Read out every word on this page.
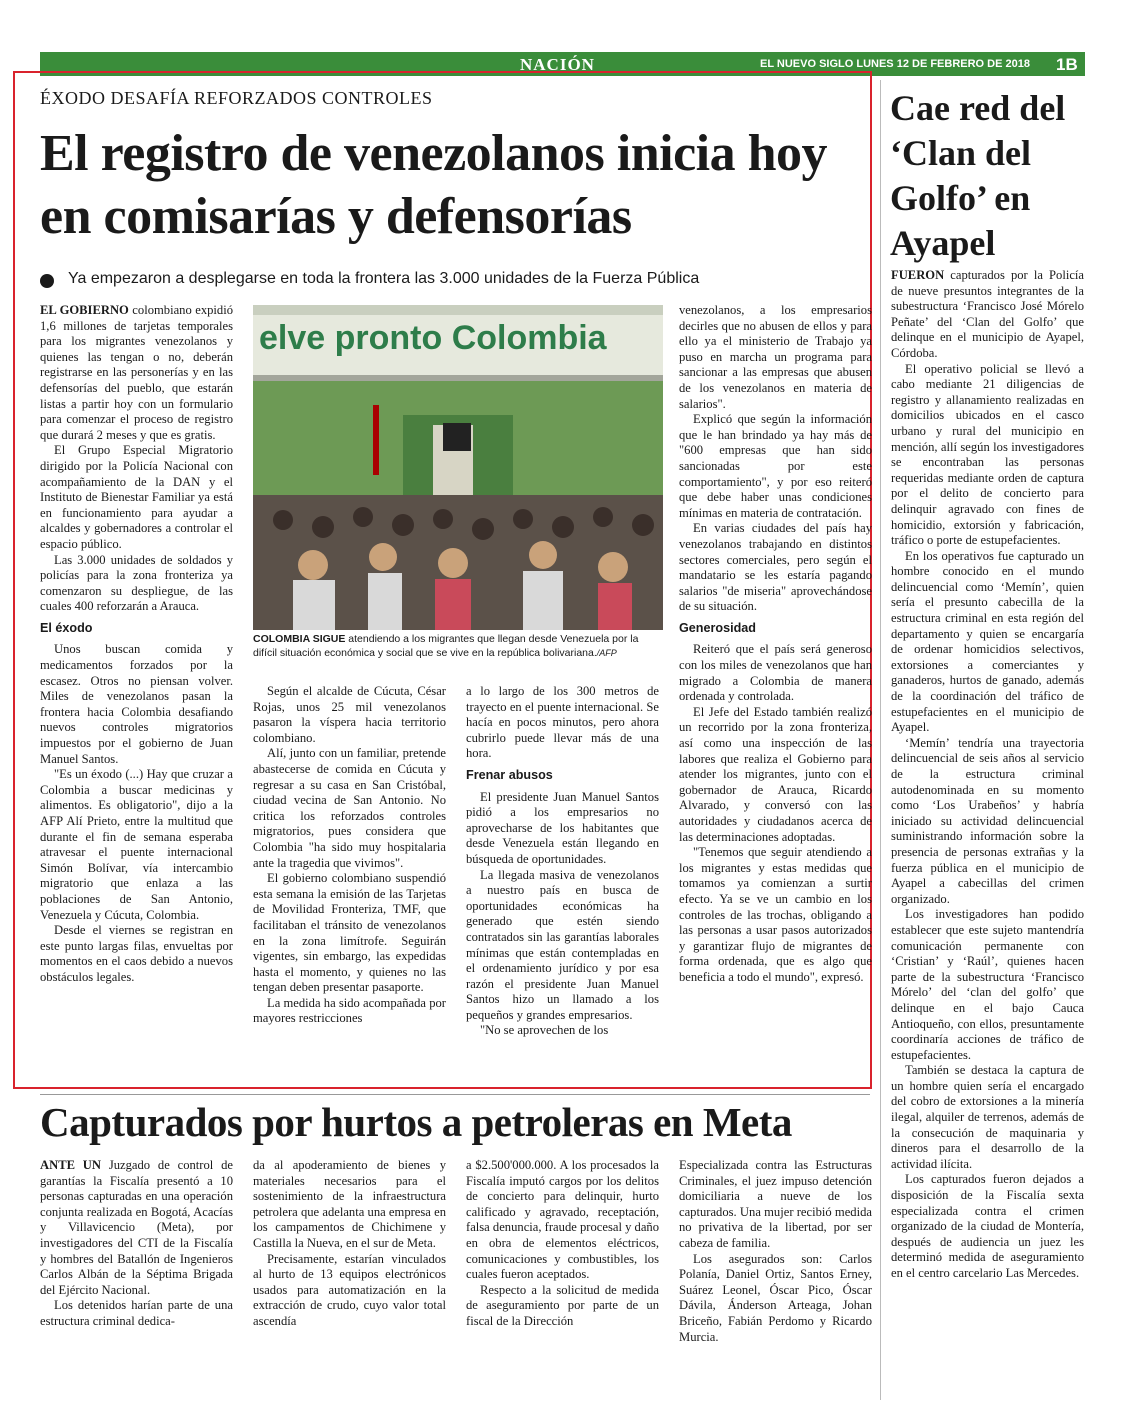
NACIÓN	EL NUEVO SIGLO LUNES 12 DE FEBRERO DE 2018 1B
ÉXODO DESAFÍA REFORZADOS CONTROLES
El registro de venezolanos inicia hoy en comisarías y defensorías
Ya empezaron a desplegarse en toda la frontera las 3.000 unidades de la Fuerza Pública

EL GOBIERNO colombiano expidió 1,6 millones de tarjetas temporales para los migrantes venezolanos y quienes las tengan o no, deberán registrarse en las personerías y en las defensorías del pueblo, que estarán listas a partir hoy con un formulario para comenzar el proceso de registro que durará 2 meses y que es gratis.

El Grupo Especial Migratorio dirigido por la Policía Nacional con acompañamiento de la DAN y el Instituto de Bienestar Familiar ya está en funcionamiento para ayudar a alcaldes y gobernadores a controlar el espacio público.

Las 3.000 unidades de soldados y policías para la zona fronteriza ya comenzaron su despliegue, de las cuales 400 reforzarán a Arauca.

El éxodo

Unos buscan comida y medicamentos forzados por la escasez. Otros no piensan volver. Miles de venezolanos pasan la frontera hacia Colombia desafiando nuevos controles migratorios impuestos por el gobierno de Juan Manuel Santos.

"Es un éxodo (...) Hay que cruzar a Colombia a buscar medicinas y alimentos. Es obligatorio", dijo a la AFP Alí Prieto, entre la multitud que durante el fin de semana esperaba atravesar el puente internacional Simón Bolívar, vía intercambio migratorio que enlaza a las poblaciones de San Antonio, Venezuela y Cúcuta, Colombia.

Desde el viernes se registran en este punto largas filas, envueltas por momentos en el caos debido a nuevos obstáculos legales.

elve pronto Colombia
COLOMBIA SIGUE atendiendo a los migrantes que llegan desde Venezuela por la difícil situación económica y social que se vive en la república bolivariana./AFP

Según el alcalde de Cúcuta, César Rojas, unos 25 mil venezolanos pasaron la víspera hacia territorio colombiano.

Alí, junto con un familiar, pretende abastecerse de comida en Cúcuta y regresar a su casa en San Cristóbal, ciudad vecina de San Antonio. No critica los reforzados controles migratorios, pues considera que Colombia "ha sido muy hospitalaria ante la tragedia que vivimos".

El gobierno colombiano suspendió esta semana la emisión de las Tarjetas de Movilidad Fronteriza, TMF, que facilitaban el tránsito de venezolanos en la zona limítrofe. Seguirán vigentes, sin embargo, las expedidas hasta el momento, y quienes no las tengan deben presentar pasaporte.

La medida ha sido acompañada por mayores restricciones

a lo largo de los 300 metros de trayecto en el puente internacional. Se hacía en pocos minutos, pero ahora cubrirlo puede llevar más de una hora.

Frenar abusos

El presidente Juan Manuel Santos pidió a los empresarios no aprovecharse de los habitantes que desde Venezuela están llegando en búsqueda de oportunidades.

La llegada masiva de venezolanos a nuestro país en busca de oportunidades económicas ha generado que estén siendo contratados sin las garantías laborales mínimas que están contempladas en el ordenamiento jurídico y por esa razón el presidente Juan Manuel Santos hizo un llamado a los pequeños y grandes empresarios.

"No se aprovechen de los

venezolanos, a los empresarios decirles que no abusen de ellos y para ello ya el ministerio de Trabajo ya puso en marcha un programa para sancionar a las empresas que abusen de los venezolanos en materia de salarios".

Explicó que según la información que le han brindado ya hay más de "600 empresas que han sido sancionadas por este comportamiento", y por eso reiteró que debe haber unas condiciones mínimas en materia de contratación.

En varias ciudades del país hay venezolanos trabajando en distintos sectores comerciales, pero según el mandatario se les estaría pagando salarios "de miseria" aprovechándose de su situación.

Generosidad

Reiteró que el país será generoso con los miles de venezolanos que han migrado a Colombia de manera ordenada y controlada.

El Jefe del Estado también realizó un recorrido por la zona fronteriza, así como una inspección de las labores que realiza el Gobierno para atender los migrantes, junto con el gobernador de Arauca, Ricardo Alvarado, y conversó con las autoridades y ciudadanos acerca de las determinaciones adoptadas.

"Tenemos que seguir atendiendo a los migrantes y estas medidas que tomamos ya comienzan a surtir efecto. Ya se ve un cambio en los controles de las trochas, obligando a las personas a usar pasos autorizados y garantizar flujo de migrantes de forma ordenada, que es algo que beneficia a todo el mundo", expresó.

Cae red del ‘Clan del Golfo’ en Ayapel

FUERON capturados por la Policía de nueve presuntos integrantes de la subestructura ‘Francisco José Mórelo Peñate’ del ‘Clan del Golfo’ que delinque en el municipio de Ayapel, Córdoba.

El operativo policial se llevó a cabo mediante 21 diligencias de registro y allanamiento realizadas en domicilios ubicados en el casco urbano y rural del municipio en mención, allí según los investigadores se encontraban las personas requeridas mediante orden de captura por el delito de concierto para delinquir agravado con fines de homicidio, extorsión y fabricación, tráfico o porte de estupefacientes.

En los operativos fue capturado un hombre conocido en el mundo delincuencial como ‘Memín’, quien sería el presunto cabecilla de la estructura criminal en esta región del departamento y quien se encargaría de ordenar homicidios selectivos, extorsiones a comerciantes y ganaderos, hurtos de ganado, además de la coordinación del tráfico de estupefacientes en el municipio de Ayapel.

‘Memín’ tendría una trayectoria delincuencial de seis años al servicio de la estructura criminal autodenominada en su momento como ‘Los Urabeños’ y habría iniciado su actividad delincuencial suministrando información sobre la presencia de personas extrañas y la fuerza pública en el municipio de Ayapel a cabecillas del crimen organizado.

Los investigadores han podido establecer que este sujeto mantendría comunicación permanente con ‘Cristian’ y ‘Raúl’, quienes hacen parte de la subestructura ‘Francisco Mórelo’ del ‘clan del golfo’ que delinque en el bajo Cauca Antioqueño, con ellos, presuntamente coordinaría acciones de tráfico de estupefacientes.

También se destaca la captura de un hombre quien sería el encargado del cobro de extorsiones a la minería ilegal, alquiler de terrenos, además de la consecución de maquinaria y dineros para el desarrollo de la actividad ilícita.

Los capturados fueron dejados a disposición de la Fiscalía sexta especializada contra el crimen organizado de la ciudad de Montería, después de audiencia un juez les determinó medida de aseguramiento en el centro carcelario Las Mercedes.

Capturados por hurtos a petroleras en Meta

ANTE UN Juzgado de control de garantías la Fiscalía presentó a 10 personas capturadas en una operación conjunta realizada en Bogotá, Acacías y Villavicencio (Meta), por investigadores del CTI de la Fiscalía y hombres del Batallón de Ingenieros Carlos Albán de la Séptima Brigada del Ejército Nacional.

Los detenidos harían parte de una estructura criminal dedica-

da al apoderamiento de bienes y materiales necesarios para el sostenimiento de la infraestructura petrolera que adelanta una empresa en los campamentos de Chichimene y Castilla la Nueva, en el sur de Meta.

Precisamente, estarían vinculados al hurto de 13 equipos electrónicos usados para automatización en la extracción de crudo, cuyo valor total ascendía

a $2.500'000.000. A los procesados la Fiscalía imputó cargos por los delitos de concierto para delinquir, hurto calificado y agravado, receptación, falsa denuncia, fraude procesal y daño en obra de elementos eléctricos, comunicaciones y combustibles, los cuales fueron aceptados.

Respecto a la solicitud de medida de aseguramiento por parte de un fiscal de la Dirección

Especializada contra las Estructuras Criminales, el juez impuso detención domiciliaria a nueve de los capturados. Una mujer recibió medida no privativa de la libertad, por ser cabeza de familia.

Los asegurados son: Carlos Polanía, Daniel Ortiz, Santos Erney, Suárez Leonel, Óscar Pico, Óscar Dávila, Ánderson Arteaga, Johan Briceño, Fabián Perdomo y Ricardo Murcia.
